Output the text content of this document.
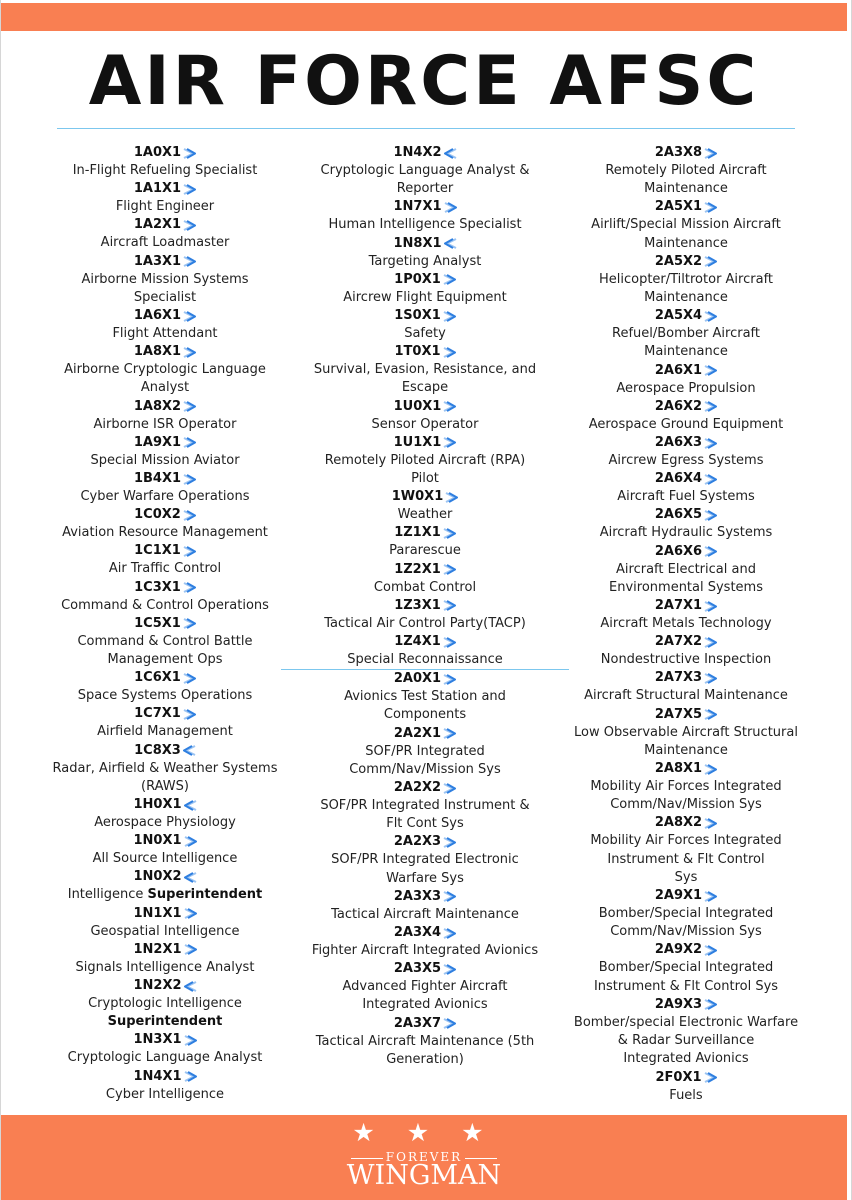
AIR FORCE AFSC
1A0X1
In-Flight Refueling Specialist
1A1X1
Flight Engineer
1A2X1
Aircraft Loadmaster
1A3X1
Airborne Mission Systems
Specialist
1A6X1
Flight Attendant
1A8X1
Airborne Cryptologic Language
Analyst
1A8X2
Airborne ISR Operator
1A9X1
Special Mission Aviator
1B4X1
Cyber Warfare Operations
1C0X2
Aviation Resource Management
1C1X1
Air Traffic Control
1C3X1
Command & Control Operations
1C5X1
Command & Control Battle
Management Ops
1C6X1
Space Systems Operations
1C7X1
Airfield Management
1C8X3
Radar, Airfield & Weather Systems
(RAWS)
1H0X1
Aerospace Physiology
1N0X1
All Source Intelligence
1N0X2
Intelligence Superintendent
1N1X1
Geospatial Intelligence
1N2X1
Signals Intelligence Analyst
1N2X2
Cryptologic Intelligence
Superintendent
1N3X1
Cryptologic Language Analyst
1N4X1
Cyber Intelligence
1N4X2
Cryptologic Language Analyst &
Reporter
1N7X1
Human Intelligence Specialist
1N8X1
Targeting Analyst
1P0X1
Aircrew Flight Equipment
1S0X1
Safety
1T0X1
Survival, Evasion, Resistance, and
Escape
1U0X1
Sensor Operator
1U1X1
Remotely Piloted Aircraft (RPA)
Pilot
1W0X1
Weather
1Z1X1
Pararescue
1Z2X1
Combat Control
1Z3X1
Tactical Air Control Party(TACP)
1Z4X1
Special Reconnaissance
2A0X1
Avionics Test Station and
Components
2A2X1
SOF/PR Integrated
Comm/Nav/Mission Sys
2A2X2
SOF/PR Integrated Instrument &
Flt Cont Sys
2A2X3
SOF/PR Integrated Electronic
Warfare Sys
2A3X3
Tactical Aircraft Maintenance
2A3X4
Fighter Aircraft Integrated Avionics
2A3X5
Advanced Fighter Aircraft
Integrated Avionics
2A3X7
Tactical Aircraft Maintenance (5th
Generation)
2A3X8
Remotely Piloted Aircraft
Maintenance
2A5X1
Airlift/Special Mission Aircraft
Maintenance
2A5X2
Helicopter/Tiltrotor Aircraft
Maintenance
2A5X4
Refuel/Bomber Aircraft
Maintenance
2A6X1
Aerospace Propulsion
2A6X2
Aerospace Ground Equipment
2A6X3
Aircrew Egress Systems
2A6X4
Aircraft Fuel Systems
2A6X5
Aircraft Hydraulic Systems
2A6X6
Aircraft Electrical and
Environmental Systems
2A7X1
Aircraft Metals Technology
2A7X2
Nondestructive Inspection
2A7X3
Aircraft Structural Maintenance
2A7X5
Low Observable Aircraft Structural
Maintenance
2A8X1
Mobility Air Forces Integrated
Comm/Nav/Mission Sys
2A8X2
Mobility Air Forces Integrated
Instrument & Flt Control
Sys
2A9X1
Bomber/Special Integrated
Comm/Nav/Mission Sys
2A9X2
Bomber/Special Integrated
Instrument & Flt Control Sys
2A9X3
Bomber/special Electronic Warfare
& Radar Surveillance
Integrated Avionics
2F0X1
Fuels
★ ★ ★
FOREVER
WINGMAN
